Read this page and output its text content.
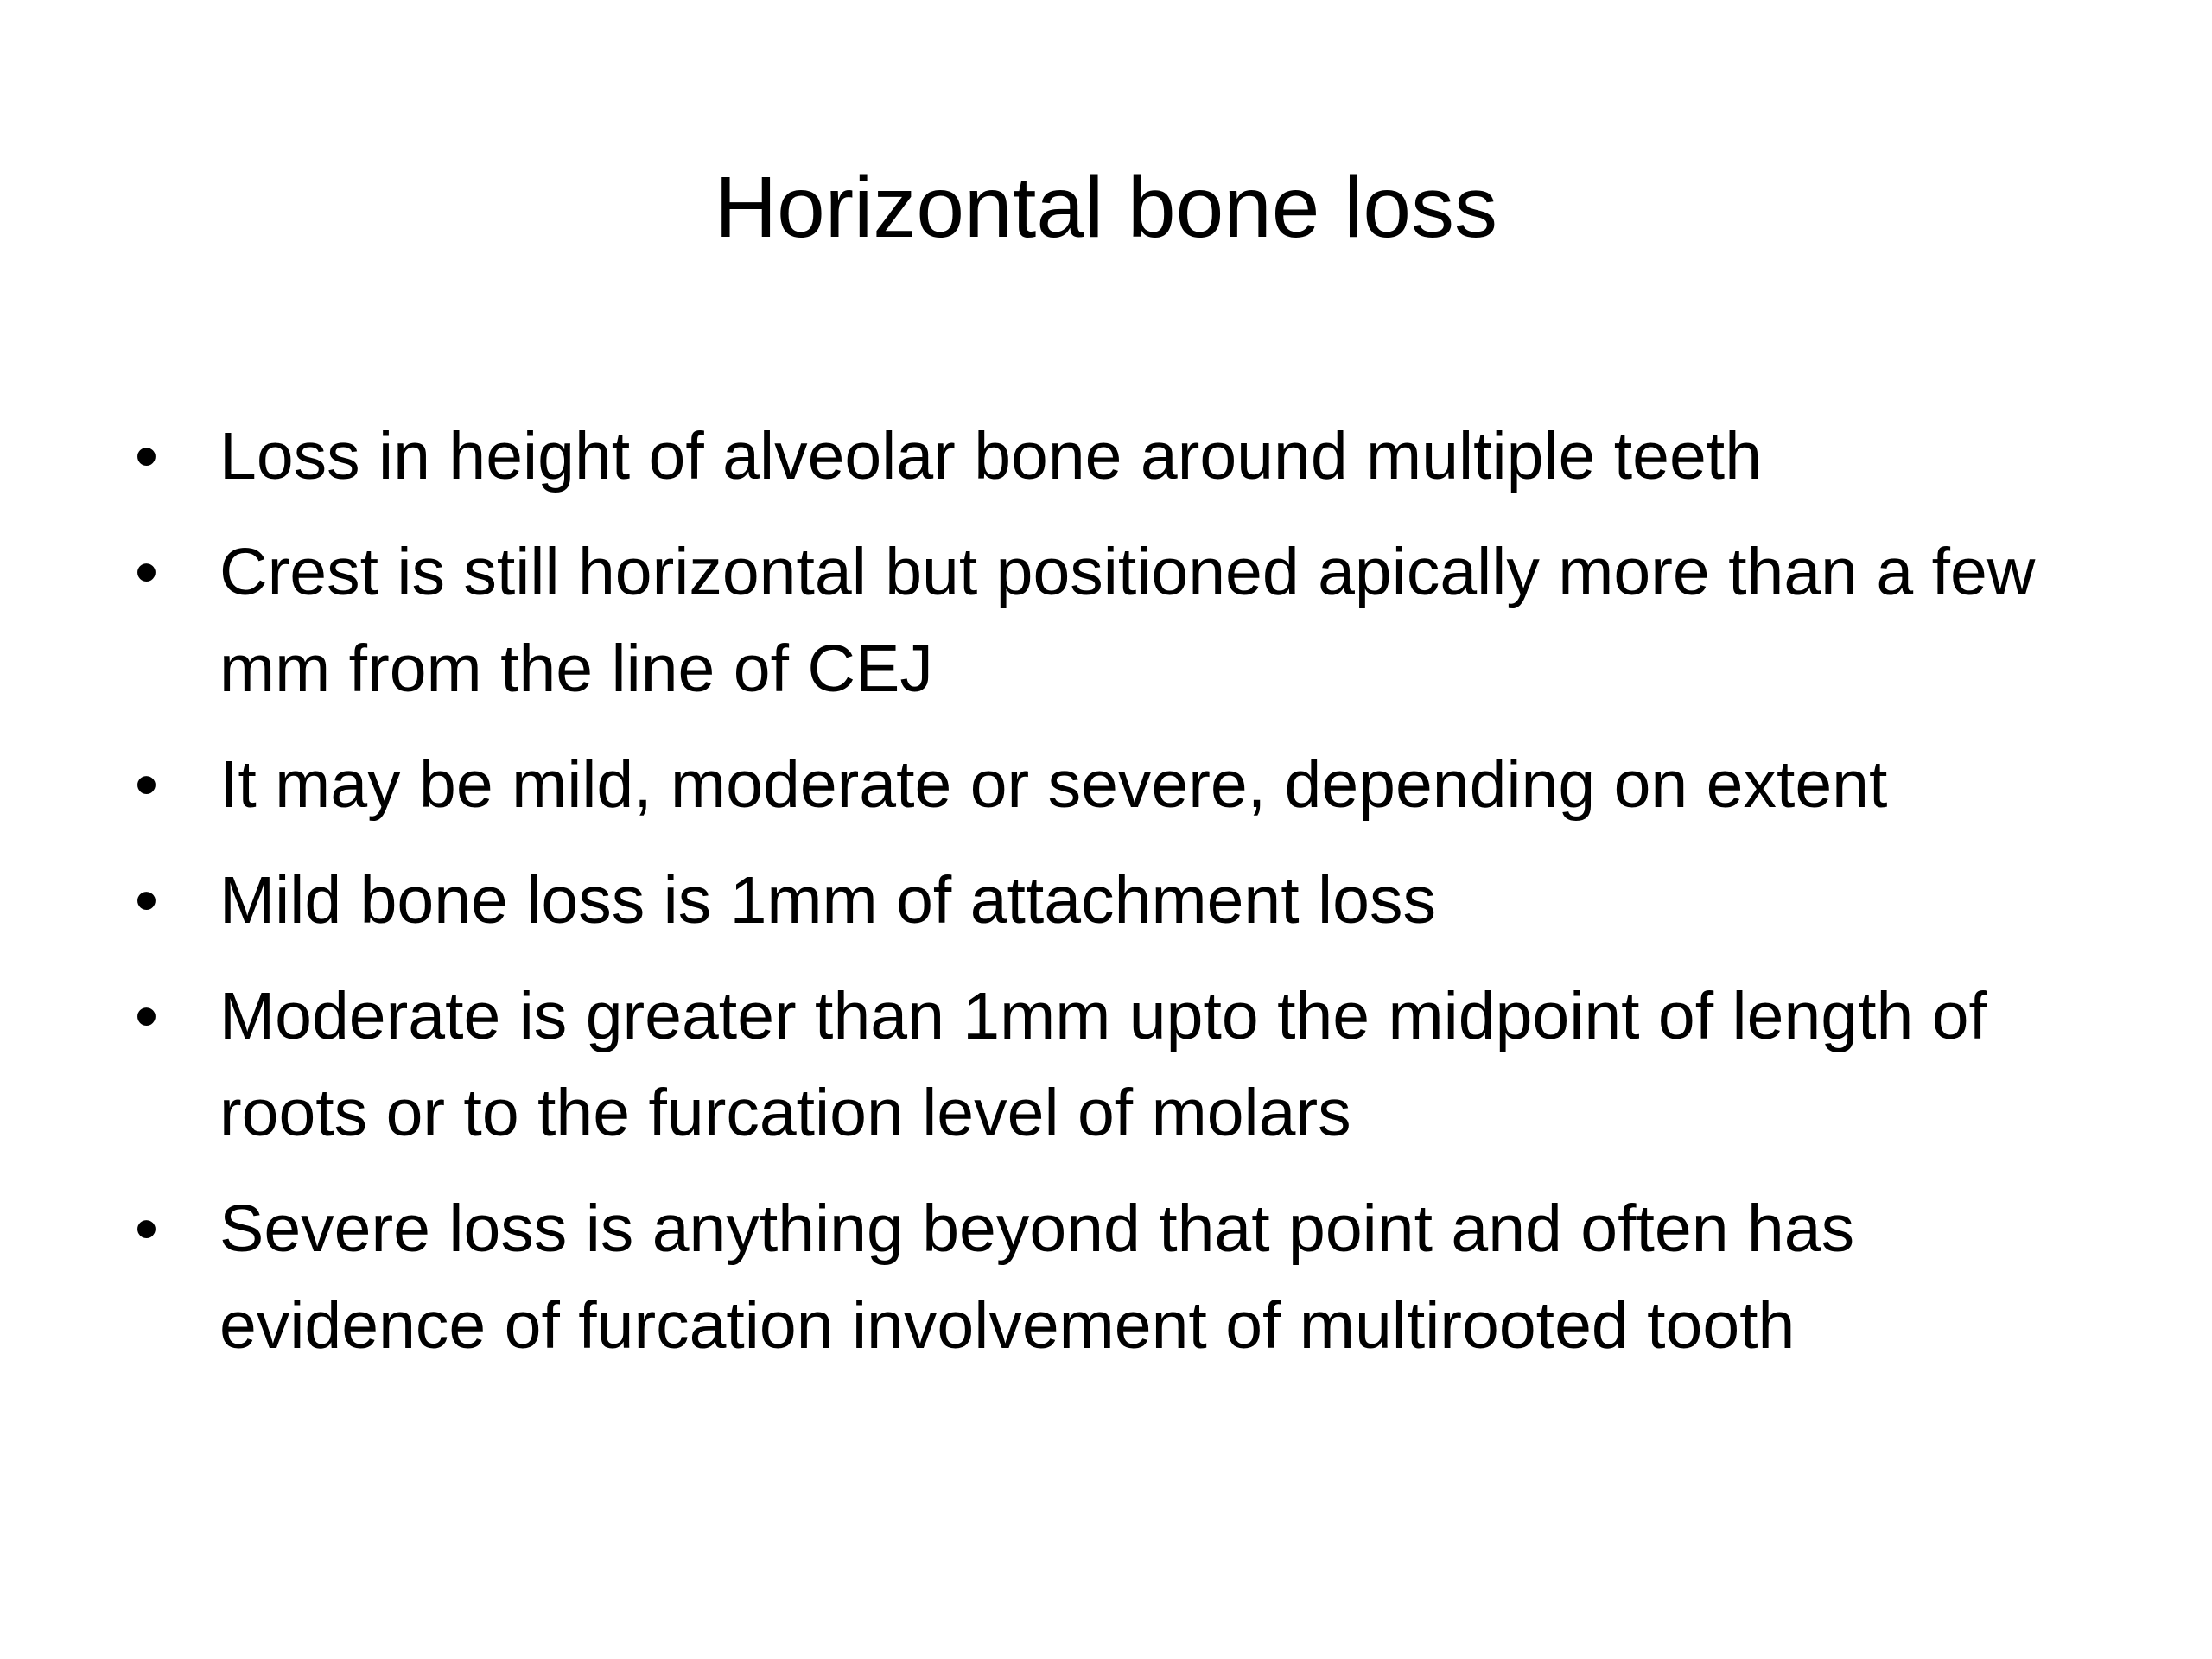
Horizontal bone loss
• Loss in height of alveolar bone around multiple teeth
• Crest is still horizontal but positioned apically more than a few mm from the line of CEJ
• It may be mild, moderate or severe, depending on extent
• Mild bone loss is 1mm of attachment loss
• Moderate is greater than 1mm upto the midpoint of length of roots or to the furcation level of molars
• Severe loss is anything beyond that point and often has evidence of furcation involvement of multirooted tooth
